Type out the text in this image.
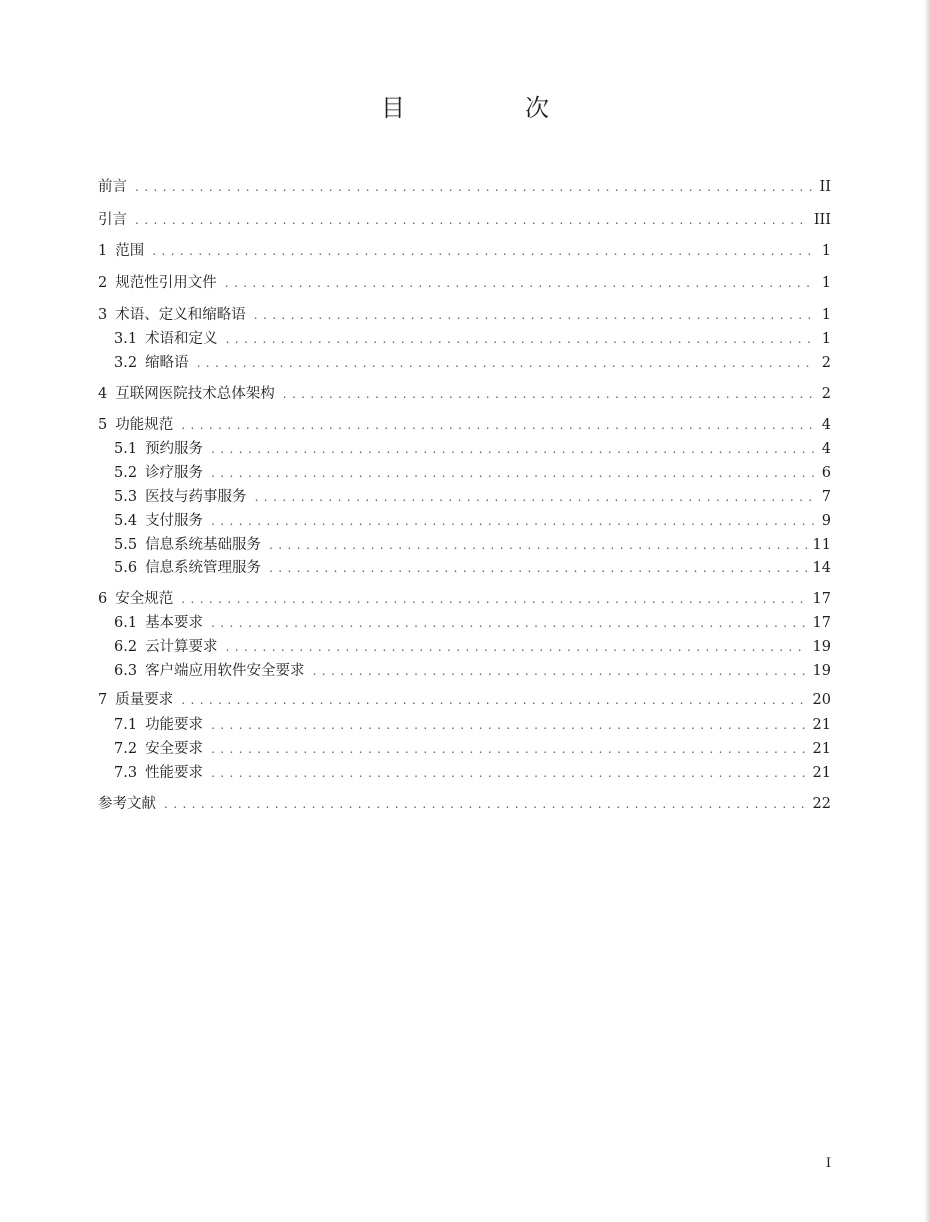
目　次
前言 . . .	II
引言 . . .	III
1 范围 . . .	1
2 规范性引用文件 . . .	1
3 术语、定义和缩略语 . . .	1
3.1 术语和定义 . . .	1
3.2 缩略语 . . .	2
4 互联网医院技术总体架构 . . .	2
5 功能规范 . . .	4
5.1 预约服务 . . .	4
5.2 诊疗服务 . . .	6
5.3 医技与药事服务 . . .	7
5.4 支付服务 . . .	9
5.5 信息系统基础服务 . . .	11
5.6 信息系统管理服务 . . .	14
6 安全规范 . . .	17
6.1 基本要求 . . .	17
6.2 云计算要求 . . .	19
6.3 客户端应用软件安全要求 . . .	19
7 质量要求 . . .	20
7.1 功能要求 . . .	21
7.2 安全要求 . . .	21
7.3 性能要求 . . .	21
参考文献 . . .	22
I
